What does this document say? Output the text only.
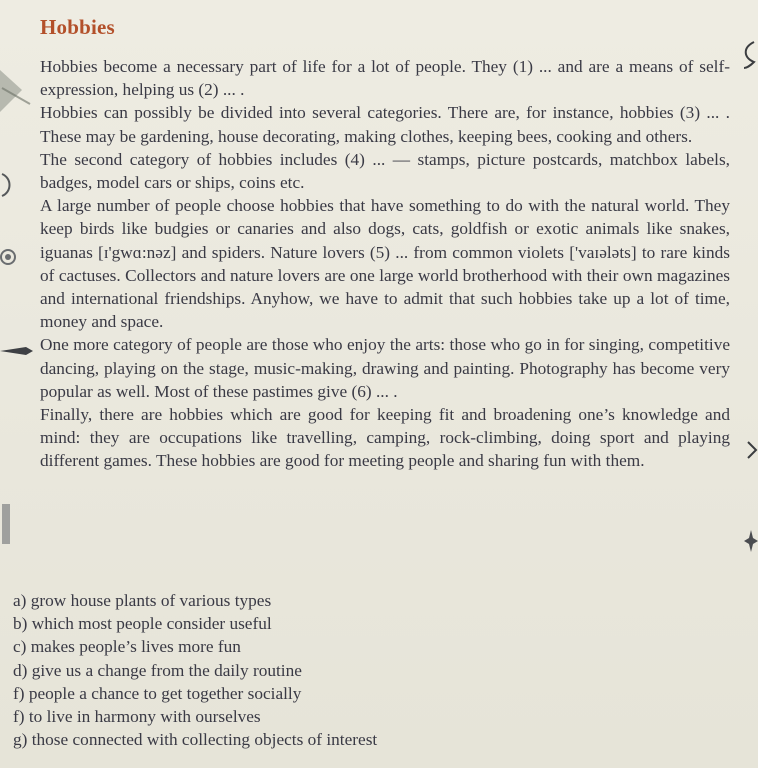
Hobbies

Hobbies become a necessary part of life for a lot of people. They (1) ... and are a means of self-expression, helping us (2) ... .

Hobbies can possibly be divided into several categories. There are, for instance, hobbies (3) ... . These may be gardening, house decorating, making clothes, keeping bees, cooking and others.

The second category of hobbies includes (4) ... — stamps, picture postcards, matchbox labels, badges, model cars or ships, coins etc.

A large number of people choose hobbies that have something to do with the natural world. They keep birds like budgies or canaries and also dogs, cats, goldfish or exotic animals like snakes, iguanas [ɪ'gwɑ:nəz] and spiders. Nature lovers (5) ... from common violets ['vaɪələts] to rare kinds of cactuses. Collectors and nature lovers are one large world brotherhood with their own magazines and international friendships. Anyhow, we have to admit that such hobbies take up a lot of time, money and space.

One more category of people are those who enjoy the arts: those who go in for singing, competitive dancing, playing on the stage, music-making, drawing and painting. Photography has become very popular as well. Most of these pastimes give (6) ... .

Finally, there are hobbies which are good for keeping fit and broadening one’s knowledge and mind: they are occupations like travelling, camping, rock-climbing, doing sport and playing different games. These hobbies are good for meeting people and sharing fun with them.

a) grow house plants of various types
b) which most people consider useful
c) makes people’s lives more fun
d) give us a change from the daily routine
f) people a chance to get together socially
f) to live in harmony with ourselves
g) those connected with collecting objects of interest
